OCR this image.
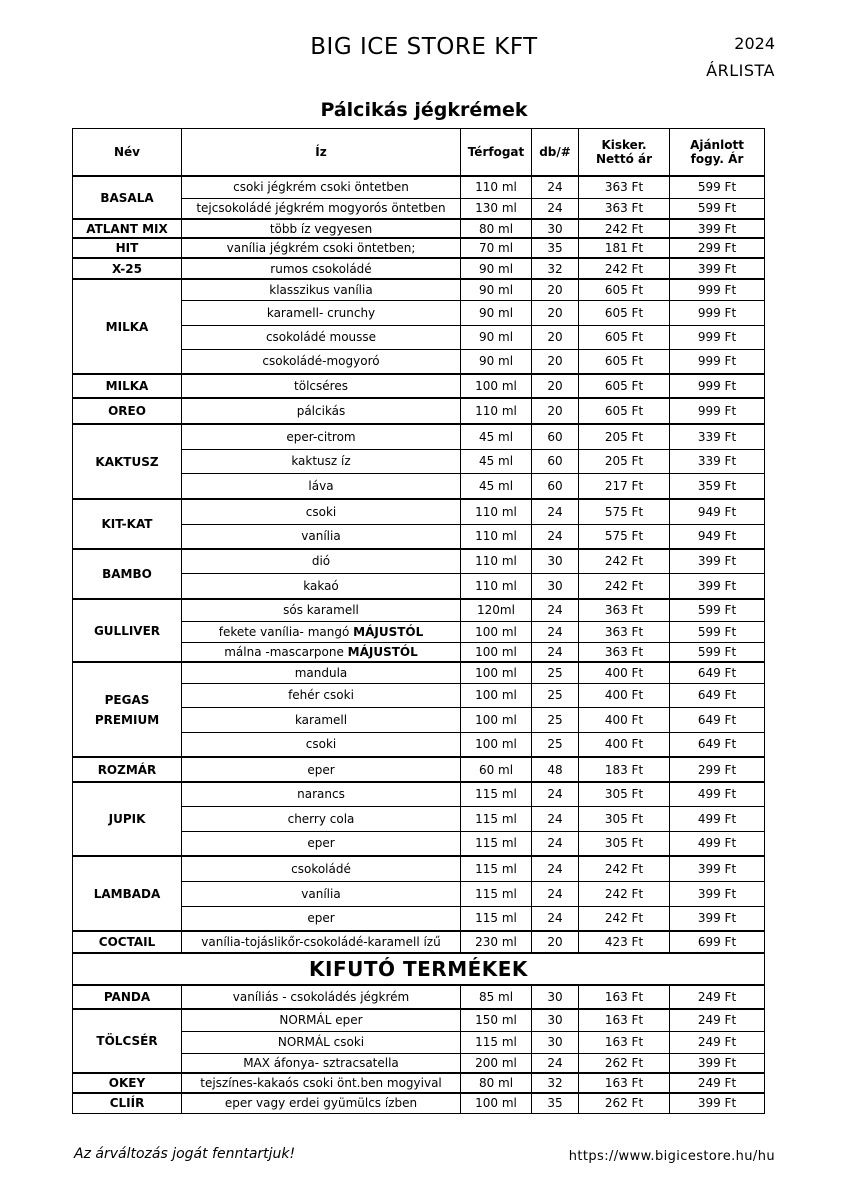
BIG ICE STORE KFT	2024
ÁRLISTA
Pálcikás jégkrémek
Név	Íz	Térfogat	db/#	Kisker. Nettó ár	Ajánlott fogy. Ár
BASALA	csoki jégkrém csoki öntetben	110 ml	24	363 Ft	599 Ft
	tejcsokoládé jégkrém mogyorós öntetben	130 ml	24	363 Ft	599 Ft
ATLANT MIX	több íz vegyesen	80 ml	30	242 Ft	399 Ft
HIT	vanília jégkrém csoki öntetben;	70 ml	35	181 Ft	299 Ft
X-25	rumos csokoládé	90 ml	32	242 Ft	399 Ft
MILKA	klasszikus vanília	90 ml	20	605 Ft	999 Ft
	karamell- crunchy	90 ml	20	605 Ft	999 Ft
	csokoládé mousse	90 ml	20	605 Ft	999 Ft
	csokoládé-mogyoró	90 ml	20	605 Ft	999 Ft
MILKA	tölcséres	100 ml	20	605 Ft	999 Ft
OREO	pálcikás	110 ml	20	605 Ft	999 Ft
KAKTUSZ	eper-citrom	45 ml	60	205 Ft	339 Ft
	kaktusz íz	45 ml	60	205 Ft	339 Ft
	láva	45 ml	60	217 Ft	359 Ft
KIT-KAT	csoki	110 ml	24	575 Ft	949 Ft
	vanília	110 ml	24	575 Ft	949 Ft
BAMBO	dió	110 ml	30	242 Ft	399 Ft
	kakaó	110 ml	30	242 Ft	399 Ft
GULLIVER	sós karamell	120ml	24	363 Ft	599 Ft
	fekete vanília- mangó MÁJUSTÓL	100 ml	24	363 Ft	599 Ft
	málna -mascarpone MÁJUSTÓL	100 ml	24	363 Ft	599 Ft
PEGAS
PREMIUM	mandula	100 ml	25	400 Ft	649 Ft
	fehér csoki	100 ml	25	400 Ft	649 Ft
	karamell	100 ml	25	400 Ft	649 Ft
	csoki	100 ml	25	400 Ft	649 Ft
ROZMÁR	eper	60 ml	48	183 Ft	299 Ft
JUPIK	narancs	115 ml	24	305 Ft	499 Ft
	cherry cola	115 ml	24	305 Ft	499 Ft
	eper	115 ml	24	305 Ft	499 Ft
LAMBADA	csokoládé	115 ml	24	242 Ft	399 Ft
	vanília	115 ml	24	242 Ft	399 Ft
	eper	115 ml	24	242 Ft	399 Ft
COCTAIL	vanília-tojáslikőr-csokoládé-karamell ízű	230 ml	20	423 Ft	699 Ft
KIFUTÓ TERMÉKEK					
PANDA	vaníliás - csokoládés jégkrém	85 ml	30	163 Ft	249 Ft
TÖLCSÉR	NORMÁL eper	150 ml	30	163 Ft	249 Ft
	NORMÁL csoki	115 ml	30	163 Ft	249 Ft
	MAX áfonya- sztracsatella	200 ml	24	262 Ft	399 Ft
OKEY	tejszínes-kakaós csoki önt.ben mogyival	80 ml	32	163 Ft	249 Ft
CLIÍR	eper vagy erdei gyümülcs ízben	100 ml	35	262 Ft	399 Ft
Az árváltozás jogát fenntartjuk!	https://www.bigicestore.hu/hu
